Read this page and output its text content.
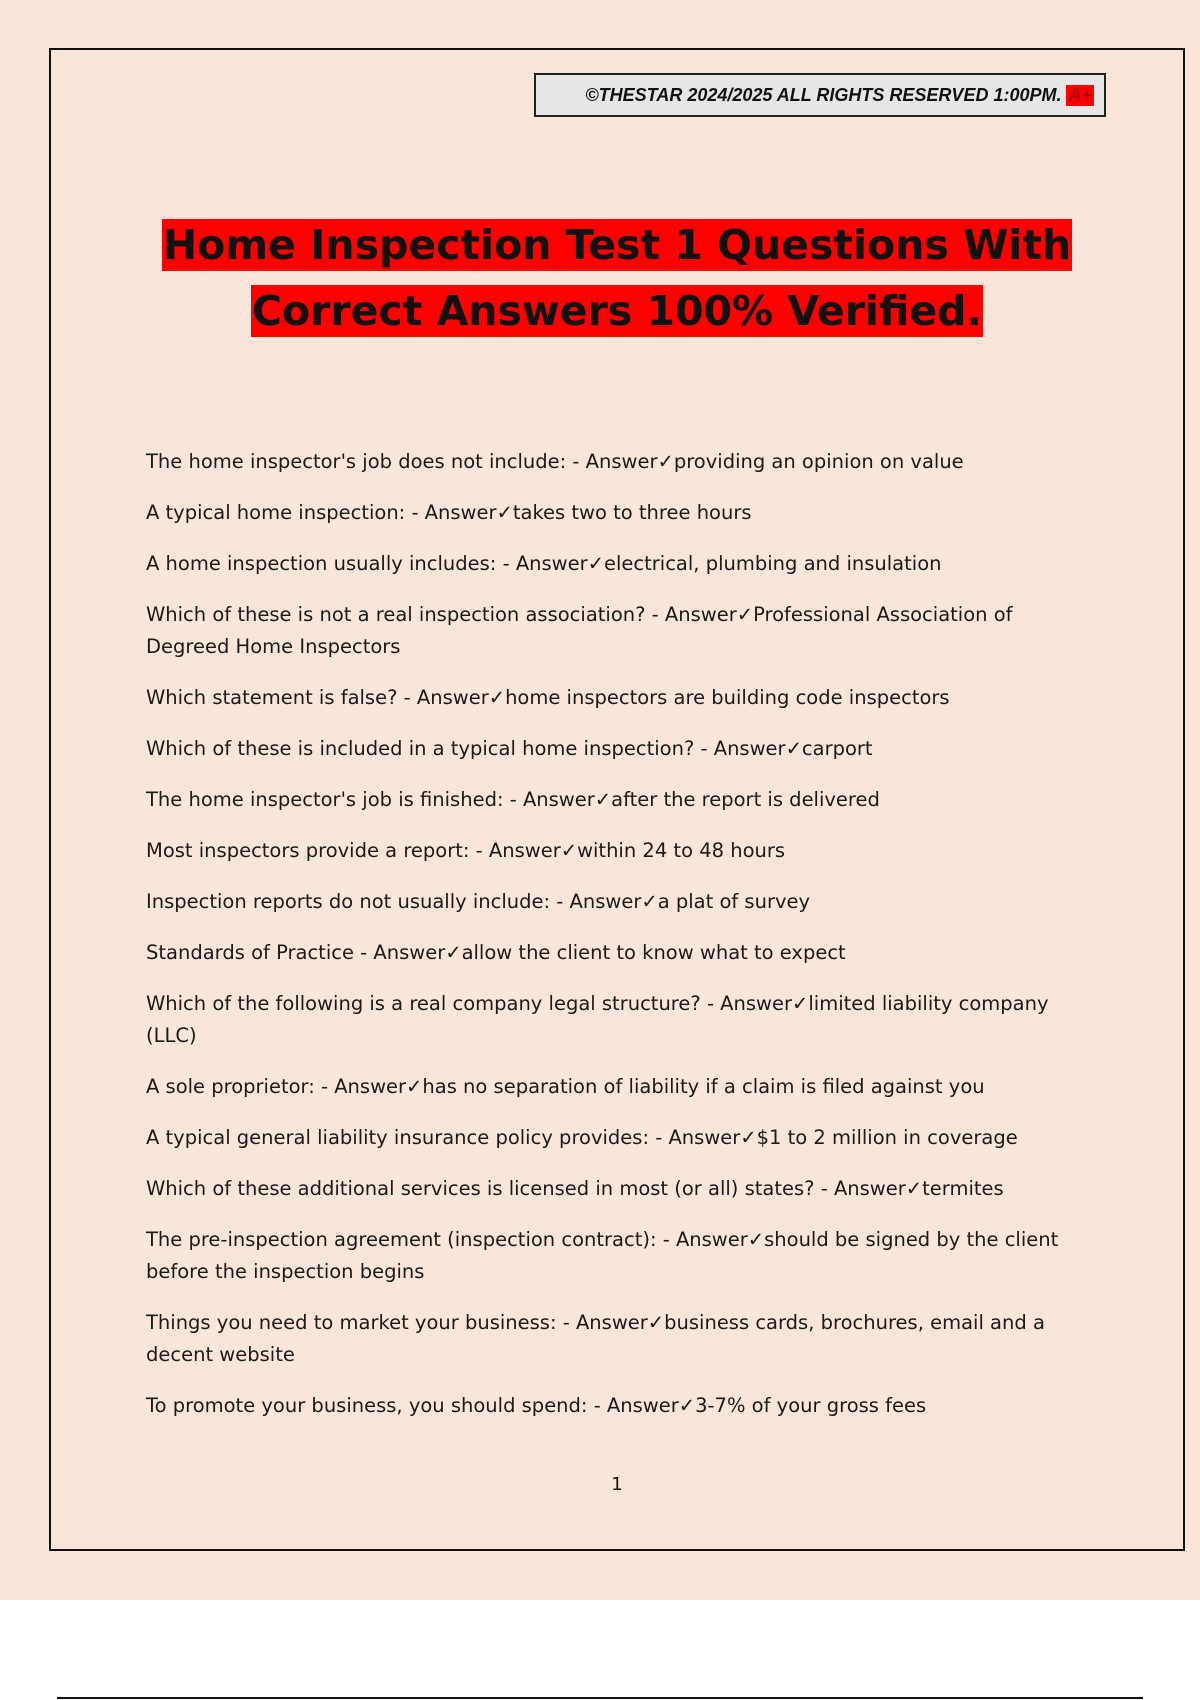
©THESTAR 2024/2025 ALL RIGHTS RESERVED 1:00PM. A+
Home Inspection Test 1 Questions With
Correct Answers 100% Verified.
The home inspector's job does not include: - Answer✓providing an opinion on value
A typical home inspection: - Answer✓takes two to three hours
A home inspection usually includes: - Answer✓electrical, plumbing and insulation
Which of these is not a real inspection association? - Answer✓Professional Association of Degreed Home Inspectors
Which statement is false? - Answer✓home inspectors are building code inspectors
Which of these is included in a typical home inspection? - Answer✓carport
The home inspector's job is finished: - Answer✓after the report is delivered
Most inspectors provide a report: - Answer✓within 24 to 48 hours
Inspection reports do not usually include: - Answer✓a plat of survey
Standards of Practice - Answer✓allow the client to know what to expect
Which of the following is a real company legal structure? - Answer✓limited liability company (LLC)
A sole proprietor: - Answer✓has no separation of liability if a claim is filed against you
A typical general liability insurance policy provides: - Answer✓$1 to 2 million in coverage
Which of these additional services is licensed in most (or all) states? - Answer✓termites
The pre-inspection agreement (inspection contract): - Answer✓should be signed by the client before the inspection begins
Things you need to market your business: - Answer✓business cards, brochures, email and a decent website
To promote your business, you should spend: - Answer✓3-7% of your gross fees
1
